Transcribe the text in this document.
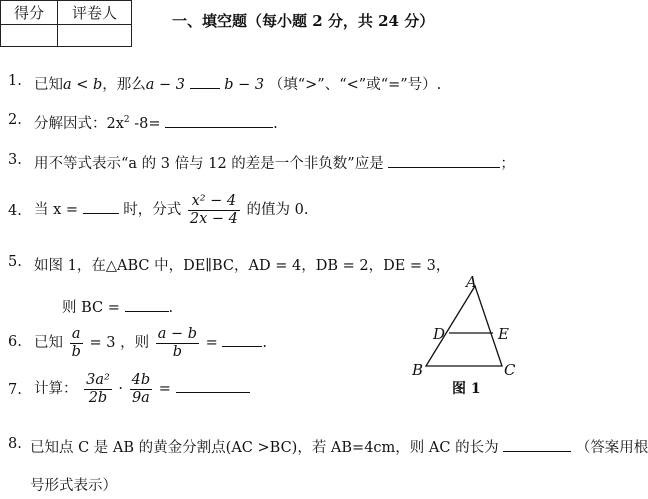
得分	评卷人
		一、填空题（每小题 2 分，共 24 分）
1. 已知a < b，那么a − 3	b − 3 （填“>”、“<”或“=”号）.
2. 分解因式：$2x^2$ -8=	.
3. 用不等式表示“a 的 3 倍与 12 的差是一个非负数”应是	；
4. 当 x =	时，分式 $\frac{\text{x² − 4}}{2x - 4}$ 的值为 0.
5. 如图 1，在△ABC 中，DE∥BC，AD = 4，DB = 2，DE = 3，
则 BC =	.
6. 已知 $\frac{a}{b} = 3$ ，则 $\frac{a - b}{b}$ =	.
7. 计算： $\frac{\text{3a²}}{2b} \cdot \frac{4b}{9a}$ =
8. 已知点 C 是 AB 的黄金分割点(AC >BC)，若 AB=4cm，则 AC 的长为	（答案用根
号形式表示）
A
D	E
B	C
图 1
